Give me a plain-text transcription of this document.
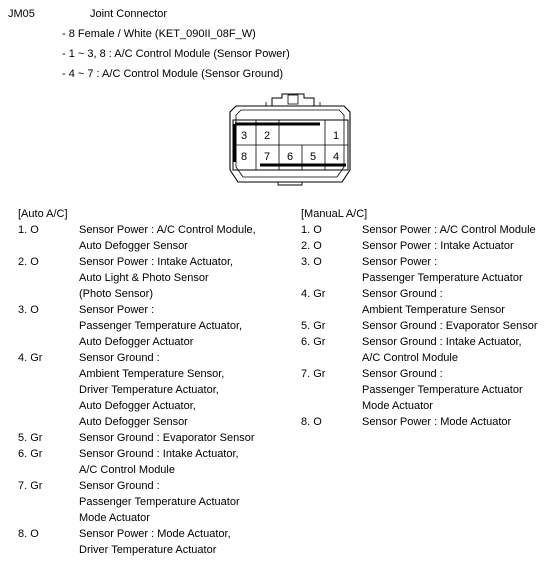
JM05	Joint Connector
- 8 Female / White (KET_090II_08F_W)
- 1 ~ 3, 8 : A/C Control Module (Sensor Power)
- 4 ~ 7 : A/C Control Module (Sensor Ground)
3 2	1
8 7 6 5 4
[Auto A/C]
1. O	Sensor Power : A/C Control Module,
Auto Defogger Sensor
2. O	Sensor Power : Intake Actuator,
Auto Light & Photo Sensor
(Photo Sensor)
3. O	Sensor Power :
Passenger Temperature Actuator,
Auto Defogger Actuator
4. Gr	Sensor Ground :
Ambient Temperature Sensor,
Driver Temperature Actuator,
Auto Defogger Actuator,
Auto Defogger Sensor
5. Gr	Sensor Ground : Evaporator Sensor
6. Gr	Sensor Ground : Intake Actuator,
A/C Control Module
7. Gr	Sensor Ground :
Passenger Temperature Actuator
Mode Actuator
8. O	Sensor Power : Mode Actuator,
Driver Temperature Actuator
[ManuaL A/C]
1. O	Sensor Power : A/C Control Module
2. O	Sensor Power : Intake Actuator
3. O	Sensor Power :
Passenger Temperature Actuator
4. Gr	Sensor Ground :
Ambient Temperature Sensor
5. Gr	Sensor Ground : Evaporator Sensor
6. Gr	Sensor Ground : Intake Actuator,
A/C Control Module
7. Gr	Sensor Ground :
Passenger Temperature Actuator
Mode Actuator
8. O	Sensor Power : Mode Actuator
